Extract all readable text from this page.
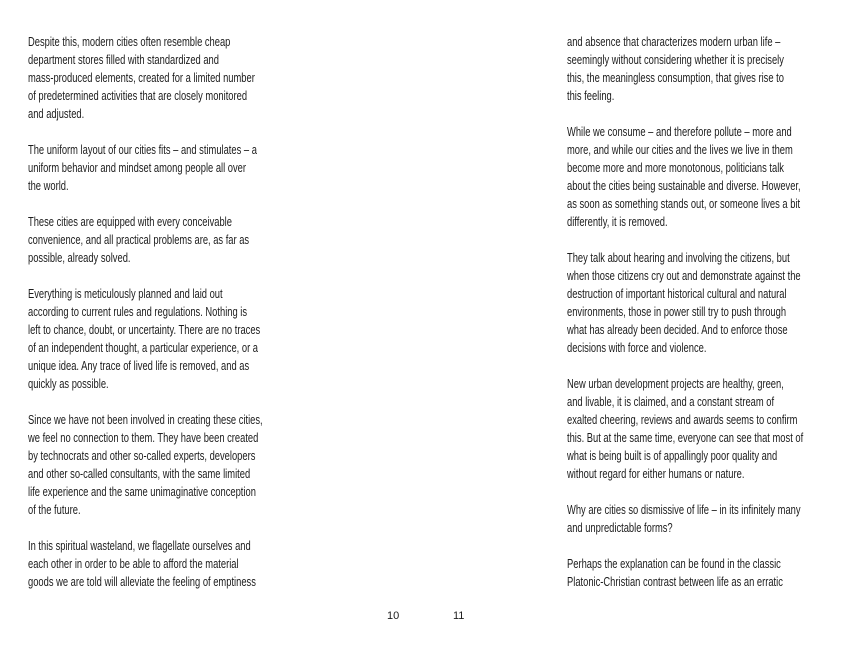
Despite this, modern cities often resemble cheap
department stores filled with standardized and
mass-produced elements, created for a limited number
of predetermined activities that are closely monitored
and adjusted.
The uniform layout of our cities fits – and stimulates – a
uniform behavior and mindset among people all over
the world.
These cities are equipped with every conceivable
convenience, and all practical problems are, as far as
possible, already solved.
Everything is meticulously planned and laid out
according to current rules and regulations. Nothing is
left to chance, doubt, or uncertainty. There are no traces
of an independent thought, a particular experience, or a
unique idea. Any trace of lived life is removed, and as
quickly as possible.
Since we have not been involved in creating these cities,
we feel no connection to them. They have been created
by technocrats and other so-called experts, developers
and other so-called consultants, with the same limited
life experience and the same unimaginative conception
of the future.
In this spiritual wasteland, we flagellate ourselves and
each other in order to be able to afford the material
goods we are told will alleviate the feeling of emptiness
10
and absence that characterizes modern urban life –
seemingly without considering whether it is precisely
this, the meaningless consumption, that gives rise to
this feeling.
While we consume – and therefore pollute – more and
more, and while our cities and the lives we live in them
become more and more monotonous, politicians talk
about the cities being sustainable and diverse. However,
as soon as something stands out, or someone lives a bit
differently, it is removed.
They talk about hearing and involving the citizens, but
when those citizens cry out and demonstrate against the
destruction of important historical cultural and natural
environments, those in power still try to push through
what has already been decided. And to enforce those
decisions with force and violence.
New urban development projects are healthy, green,
and livable, it is claimed, and a constant stream of
exalted cheering, reviews and awards seems to confirm
this. But at the same time, everyone can see that most of
what is being built is of appallingly poor quality and
without regard for either humans or nature.
Why are cities so dismissive of life – in its infinitely many
and unpredictable forms?
Perhaps the explanation can be found in the classic
Platonic-Christian contrast between life as an erratic
11
